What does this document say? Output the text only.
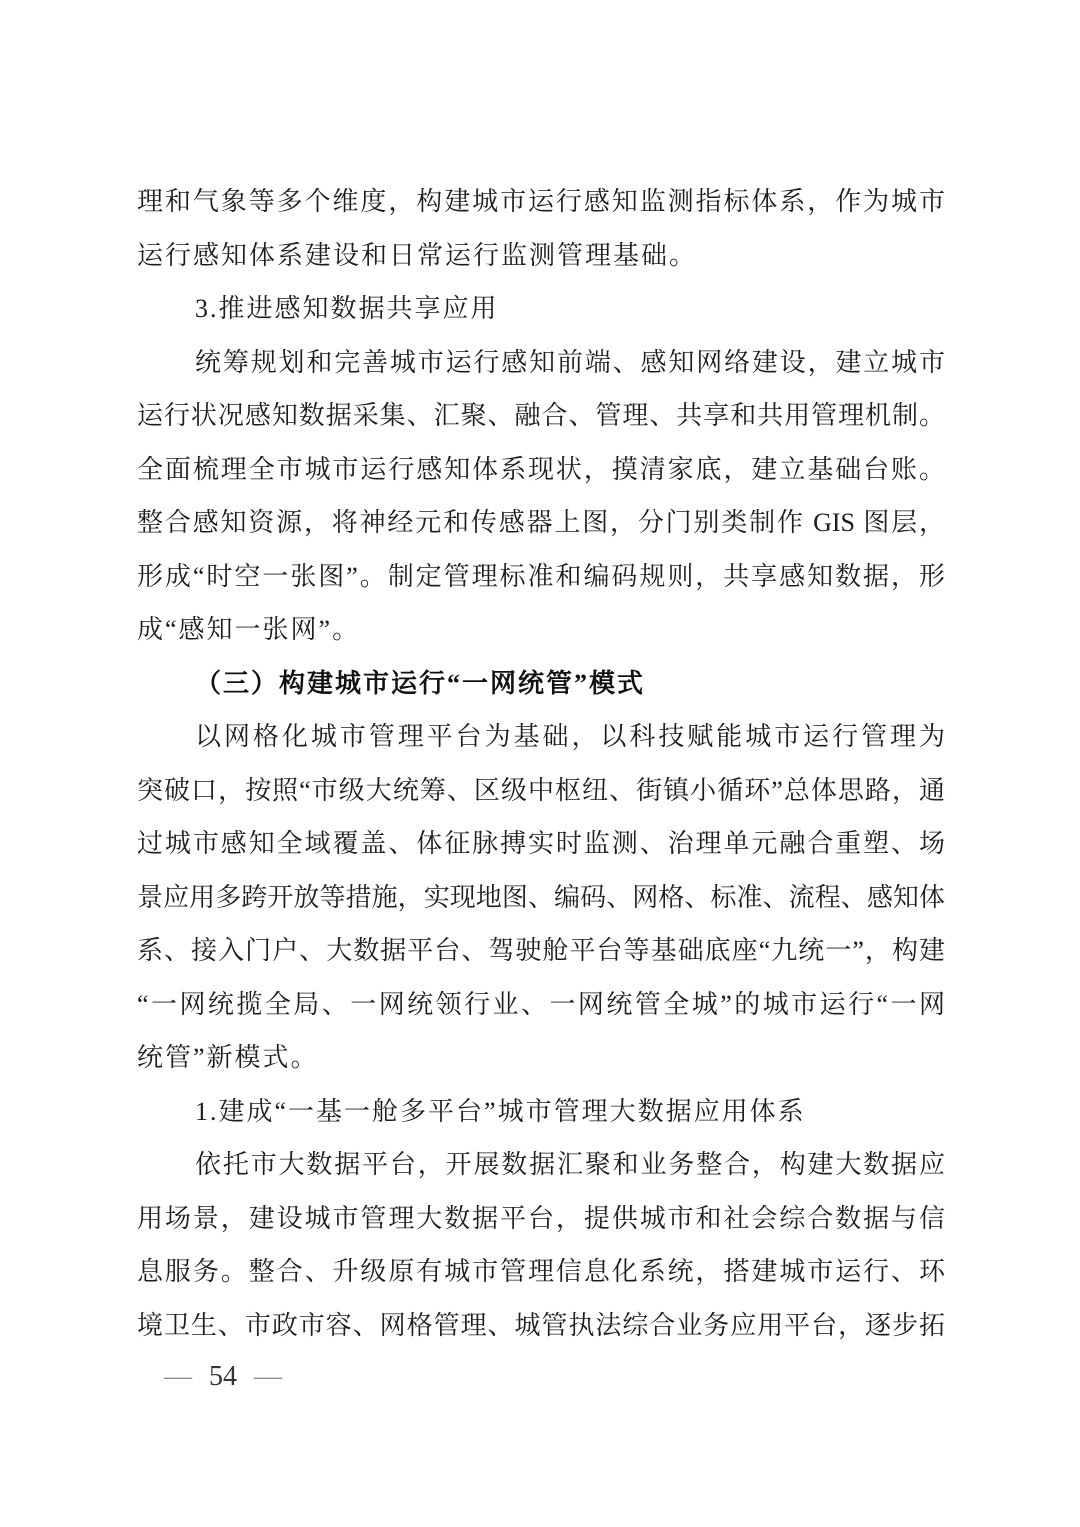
理和气象等多个维度，构建城市运行感知监测指标体系，作为城市
运行感知体系建设和日常运行监测管理基础。
3.推进感知数据共享应用
统筹规划和完善城市运行感知前端、感知网络建设，建立城市
运行状况感知数据采集、汇聚、融合、管理、共享和共用管理机制。
全面梳理全市城市运行感知体系现状，摸清家底，建立基础台账。
整合感知资源，将神经元和传感器上图，分门别类制作 GIS 图层，
形成“时空一张图”。制定管理标准和编码规则，共享感知数据，形
成“感知一张网”。
（三）构建城市运行“一网统管”模式
以网格化城市管理平台为基础，以科技赋能城市运行管理为
突破口，按照“市级大统筹、区级中枢纽、街镇小循环”总体思路，通
过城市感知全域覆盖、体征脉搏实时监测、治理单元融合重塑、场
景应用多跨开放等措施，实现地图、编码、网格、标准、流程、感知体
系、接入门户、大数据平台、驾驶舱平台等基础底座“九统一”，构建
“一网统揽全局、一网统领行业、一网统管全城”的城市运行“一网
统管”新模式。
1.建成“一基一舱多平台”城市管理大数据应用体系
依托市大数据平台，开展数据汇聚和业务整合，构建大数据应
用场景，建设城市管理大数据平台，提供城市和社会综合数据与信
息服务。整合、升级原有城市管理信息化系统，搭建城市运行、环
境卫生、市政市容、网格管理、城管执法综合业务应用平台，逐步拓
— 54 —
